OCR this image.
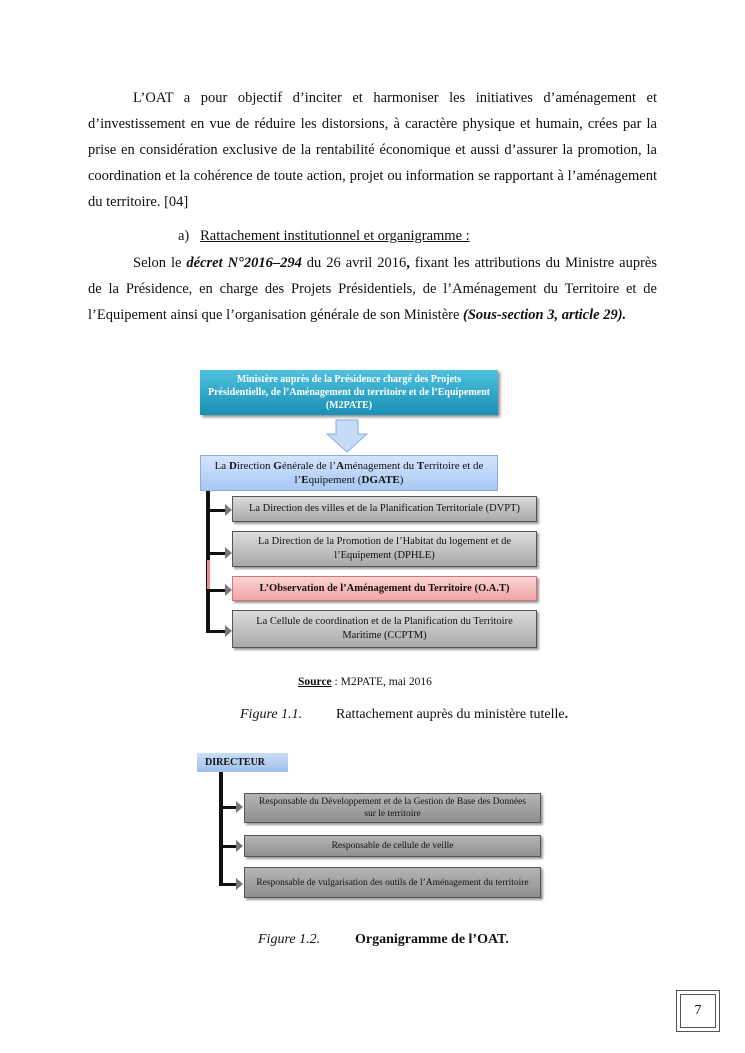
L’OAT a pour objectif d’inciter et harmoniser les initiatives d’aménagement et d’investissement en vue de réduire les distorsions, à caractère physique et humain, crées par la prise en considération exclusive de la rentabilité économique et aussi d’assurer la promotion, la coordination et la cohérence de toute action, projet ou information se rapportant à l’aménagement du territoire. [04]
a) Rattachement institutionnel et organigramme :
Selon le décret N°2016–294 du 26 avril 2016, fixant les attributions du Ministre auprès de la Présidence, en charge des Projets Présidentiels, de l’Aménagement du Territoire et de l’Equipement ainsi que l’organisation générale de son Ministère (Sous-section 3, article 29).
Ministère auprès de la Présidence chargé des Projets Présidentielle, de l’Aménagement du territoire et de l’Equipement (M2PATE)
La Direction Générale de l’Aménagement du Territoire et de l’Equipement (DGATE)
La Direction des villes et de la Planification Territoriale (DVPT)
La Direction de la Promotion de l’Habitat du logement et de l’Equipement (DPHLE)
L’Observation de l’Aménagement du Territoire (O.A.T)
La Cellule de coordination et de la Planification du Territoire Maritime (CCPTM)
Source : M2PATE, mai 2016
Figure 1.1. Rattachement auprès du ministère tutelle.
DIRECTEUR
Responsable du Développement et de la Gestion de Base des Données sur le territoire
Responsable de cellule de veille
Responsable de vulgarisation des outils de l’Aménagement du territoire
Figure 1.2. Organigramme de l’OAT.
7
